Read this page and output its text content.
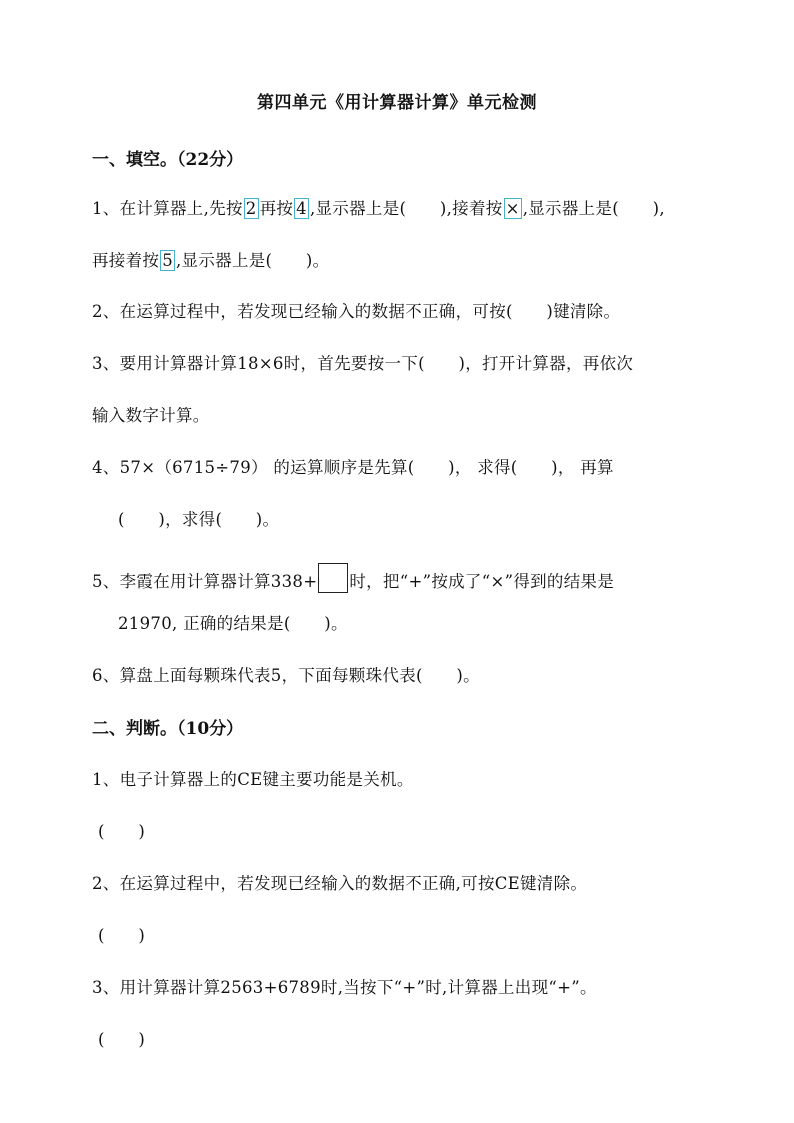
第四单元《用计算器计算》单元检测
一、填空。（22分）
1、在计算器上,先按 2 再按 4 ,显示器上是(　　),接着按 × ,显示器上是(　　),
再接着按 5 ,显示器上是(　　)。
2、在运算过程中，若发现已经输入的数据不正确，可按(　　)键清除。
3、要用计算器计算18×6时，首先要按一下(　　)，打开计算器，再依次
输入数字计算。
4、57×（6715÷79） 的运算顺序是先算(　　)， 求得(　　)， 再算
(　　)，求得(　　)。
5、李霞在用计算器计算338+ 时，把“+”按成了“×”得到的结果是
21970, 正确的结果是(　　)。
6、算盘上面每颗珠代表5，下面每颗珠代表(　　)。
二、判断。（10分）
1、电子计算器上的CE键主要功能是关机。
(　　)
2、在运算过程中，若发现已经输入的数据不正确,可按CE键清除。
(　　)
3、用计算器计算2563+6789时,当按下“+”时,计算器上出现“+”。
(　　)
